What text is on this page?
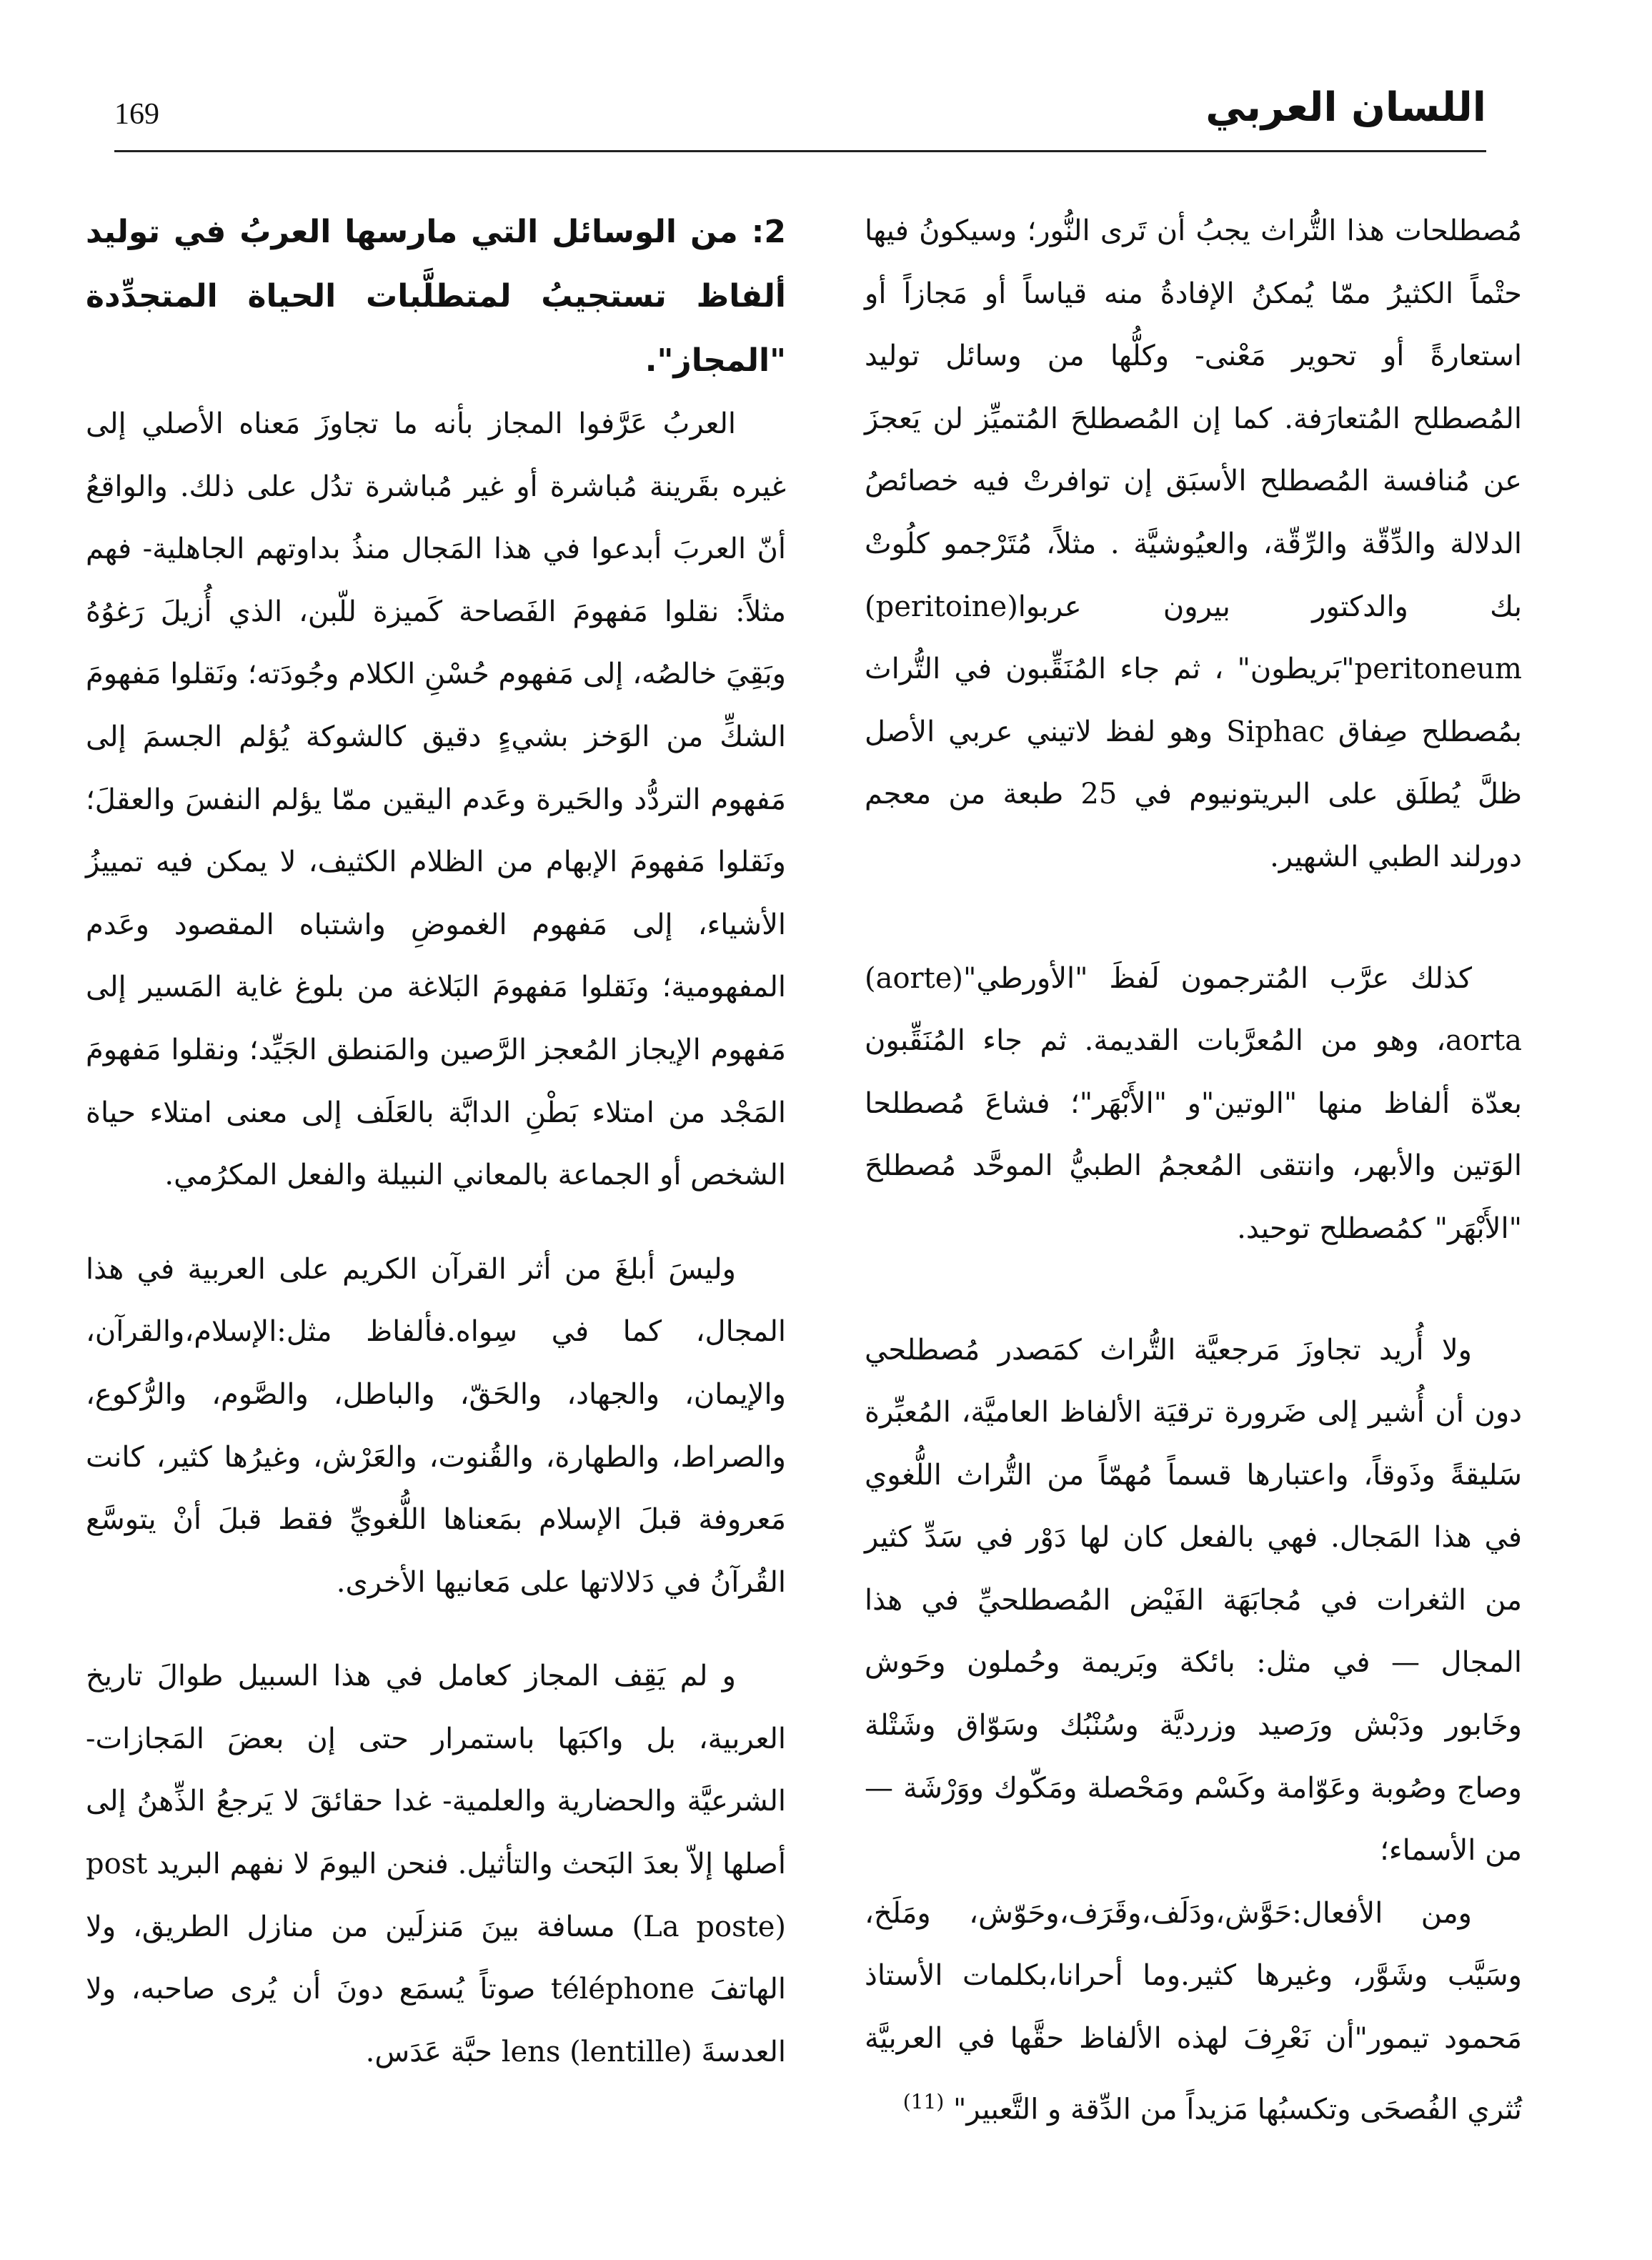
169	اللسان العربي

مُصطلحات هذا التُّراث يجبُ أن تَرى النُّور؛ وسيكونُ فيها حتْماً الكثيرُ ممّا يُمكنُ الإفادةُ منه قياساً أو مَجازاً أو استعارةً أو تحوير مَعْنى- وكلُّها من وسائل توليد المُصطلح المُتعارَفة. كما إن المُصطلحَ المُتميِّز لن يَعجزَ عن مُنافسة المُصطلح الأسبَق إن توافرتْ فيه خصائصُ الدلالة والدِّقّة والرِّقّة، والعيُوشيَّة . مثلاً، مُتَرْجمو كلُوتْ بك والدكتور بيرون عربوا(peritoine) peritoneum"بَريطون" ، ثم جاء المُنَقِّبون في التُّراث بمُصطلح صِفاق Siphac وهو لفظ لاتيني عربي الأصل ظلَّ يُطلَق على البريتونيوم في 25 طبعة من معجم دورلند الطبي الشهير.

كذلك عرَّب المُترجمون لَفظَ "الأورطي"(aorte) aorta، وهو من المُعرَّبات القديمة. ثم جاء المُنَقِّبون بعدّة ألفاظ منها "الوتين"و "الأَبْهَر"؛ فشاعَ مُصطلحا الوَتين والأبهر، وانتقى المُعجمُ الطبيُّ الموحَّد مُصطلحَ "الأَبْهَر" كمُصطلح توحيد.

ولا أُريد تجاوزَ مَرجعيَّة التُّراث كمَصدر مُصطلحي دون أن أُشير إلى ضَرورة ترقيَة الألفاظ العاميَّة، المُعبِّرة سَليقةً وذَوقاً، واعتبارها قسماً مُهمّاً من التُّراث اللُّغوي في هذا المَجال. فهي بالفعل كان لها دَوْر في سَدِّ كثير من الثغرات في مُجابَهَة الفَيْض المُصطلحيِّ في هذا المجال — في مثل: بائكة وبَريمة وحُملون وحَوش وخَابور ودَبْش ورَصيد وزرديَّة وسُنْبُك وسَوّاق وشَتْلة وصاج وصُوبة وعَوّامة وكَسْم ومَحْصلة ومَكّوك ووَرْشَة — من الأسماء؛

ومن الأفعال:حَوَّش،ودَلَف،وقَرَف،وحَوّش، ومَلَخ، وسَيَّب وشَوَّر، وغيرها كثير.وما أحرانا،بكلمات الأستاذ مَحمود تيمور"أن نَعْرِفَ لهذه الألفاظ حقَّها في العربيَّة تُثري الفُصحَى وتكسبُها مَزيداً من الدِّقة و التَّعبير" $^{(11)}$

2: من الوسائل التي مارسها العربُ في توليد ألفاظ تستجيبُ لمتطلَّبات الحياة المتجدِّدة "المجاز".

العربُ عَرَّفوا المجاز بأنه ما تجاوزَ مَعناه الأصلي إلى غيره بقَرينة مُباشرة أو غير مُباشرة تدُل على ذلك. والواقعُ أنّ العربَ أبدعوا في هذا المَجال منذُ بداوتهم الجاهلية- فهم مثلاً: نقلوا مَفهومَ الفَصاحة كَميزة للّبن، الذي أُزيلَ رَغوُهُ وبَقِيَ خالصُه، إلى مَفهوم حُسْنِ الكلام وجُودَته؛ ونَقلوا مَفهومَ الشكِّ من الوَخز بشيءٍ دقيق كالشوكة يُؤلم الجسمَ إلى مَفهوم التردُّد والحَيرة وعَدم اليقين ممّا يؤلم النفسَ والعقلَ؛ ونَقلوا مَفهومَ الإبهام من الظلام الكثيف، لا يمكن فيه تمييزُ الأشياء، إلى مَفهوم الغموضِ واشتباه المقصود وعَدم المفهومية؛ ونَقلوا مَفهومَ البَلاغة من بلوغ غاية المَسير إلى مَفهوم الإيجاز المُعجز الرَّصين والمَنطق الجَيِّد؛ ونقلوا مَفهومَ المَجْد من امتلاء بَطْنِ الدابَّة بالعَلَف إلى معنى امتلاء حياة الشخص أو الجماعة بالمعاني النبيلة والفعل المكرُمي.

وليسَ أبلغَ من أثر القرآن الكريم على العربية في هذا المجال، كما في سِواه.فألفاظ مثل:الإسلام،والقرآن، والإيمان، والجهاد، والحَقّ، والباطل، والصَّوم، والرُّكوع، والصراط، والطهارة، والقُنوت، والعَرْش، وغيرُها كثير، كانت مَعروفة قبلَ الإسلام بمَعناها اللُّغويِّ فقط قبلَ أنْ يتوسَّع القُرآنُ في دَلالاتها على مَعانيها الأخرى.

و لم يَقِف المجاز كعامل في هذا السبيل طوالَ تاريخ العربية، بل واكبَها باستمرار حتى إن بعضَ المَجازات- الشرعيَّة والحضارية والعلمية- غدا حقائقَ لا يَرجعُ الذِّهنُ إلى أصلها إلاّ بعدَ البَحث والتأثيل. فنحن اليومَ لا نفهم البريد post (La poste) مسافة بينَ مَنزلَين من منازل الطريق، ولا الهاتفَ téléphone صوتاً يُسمَع دونَ أن يُرى صاحبه، ولا العدسةَ lens (lentille) حبَّة عَدَس.
